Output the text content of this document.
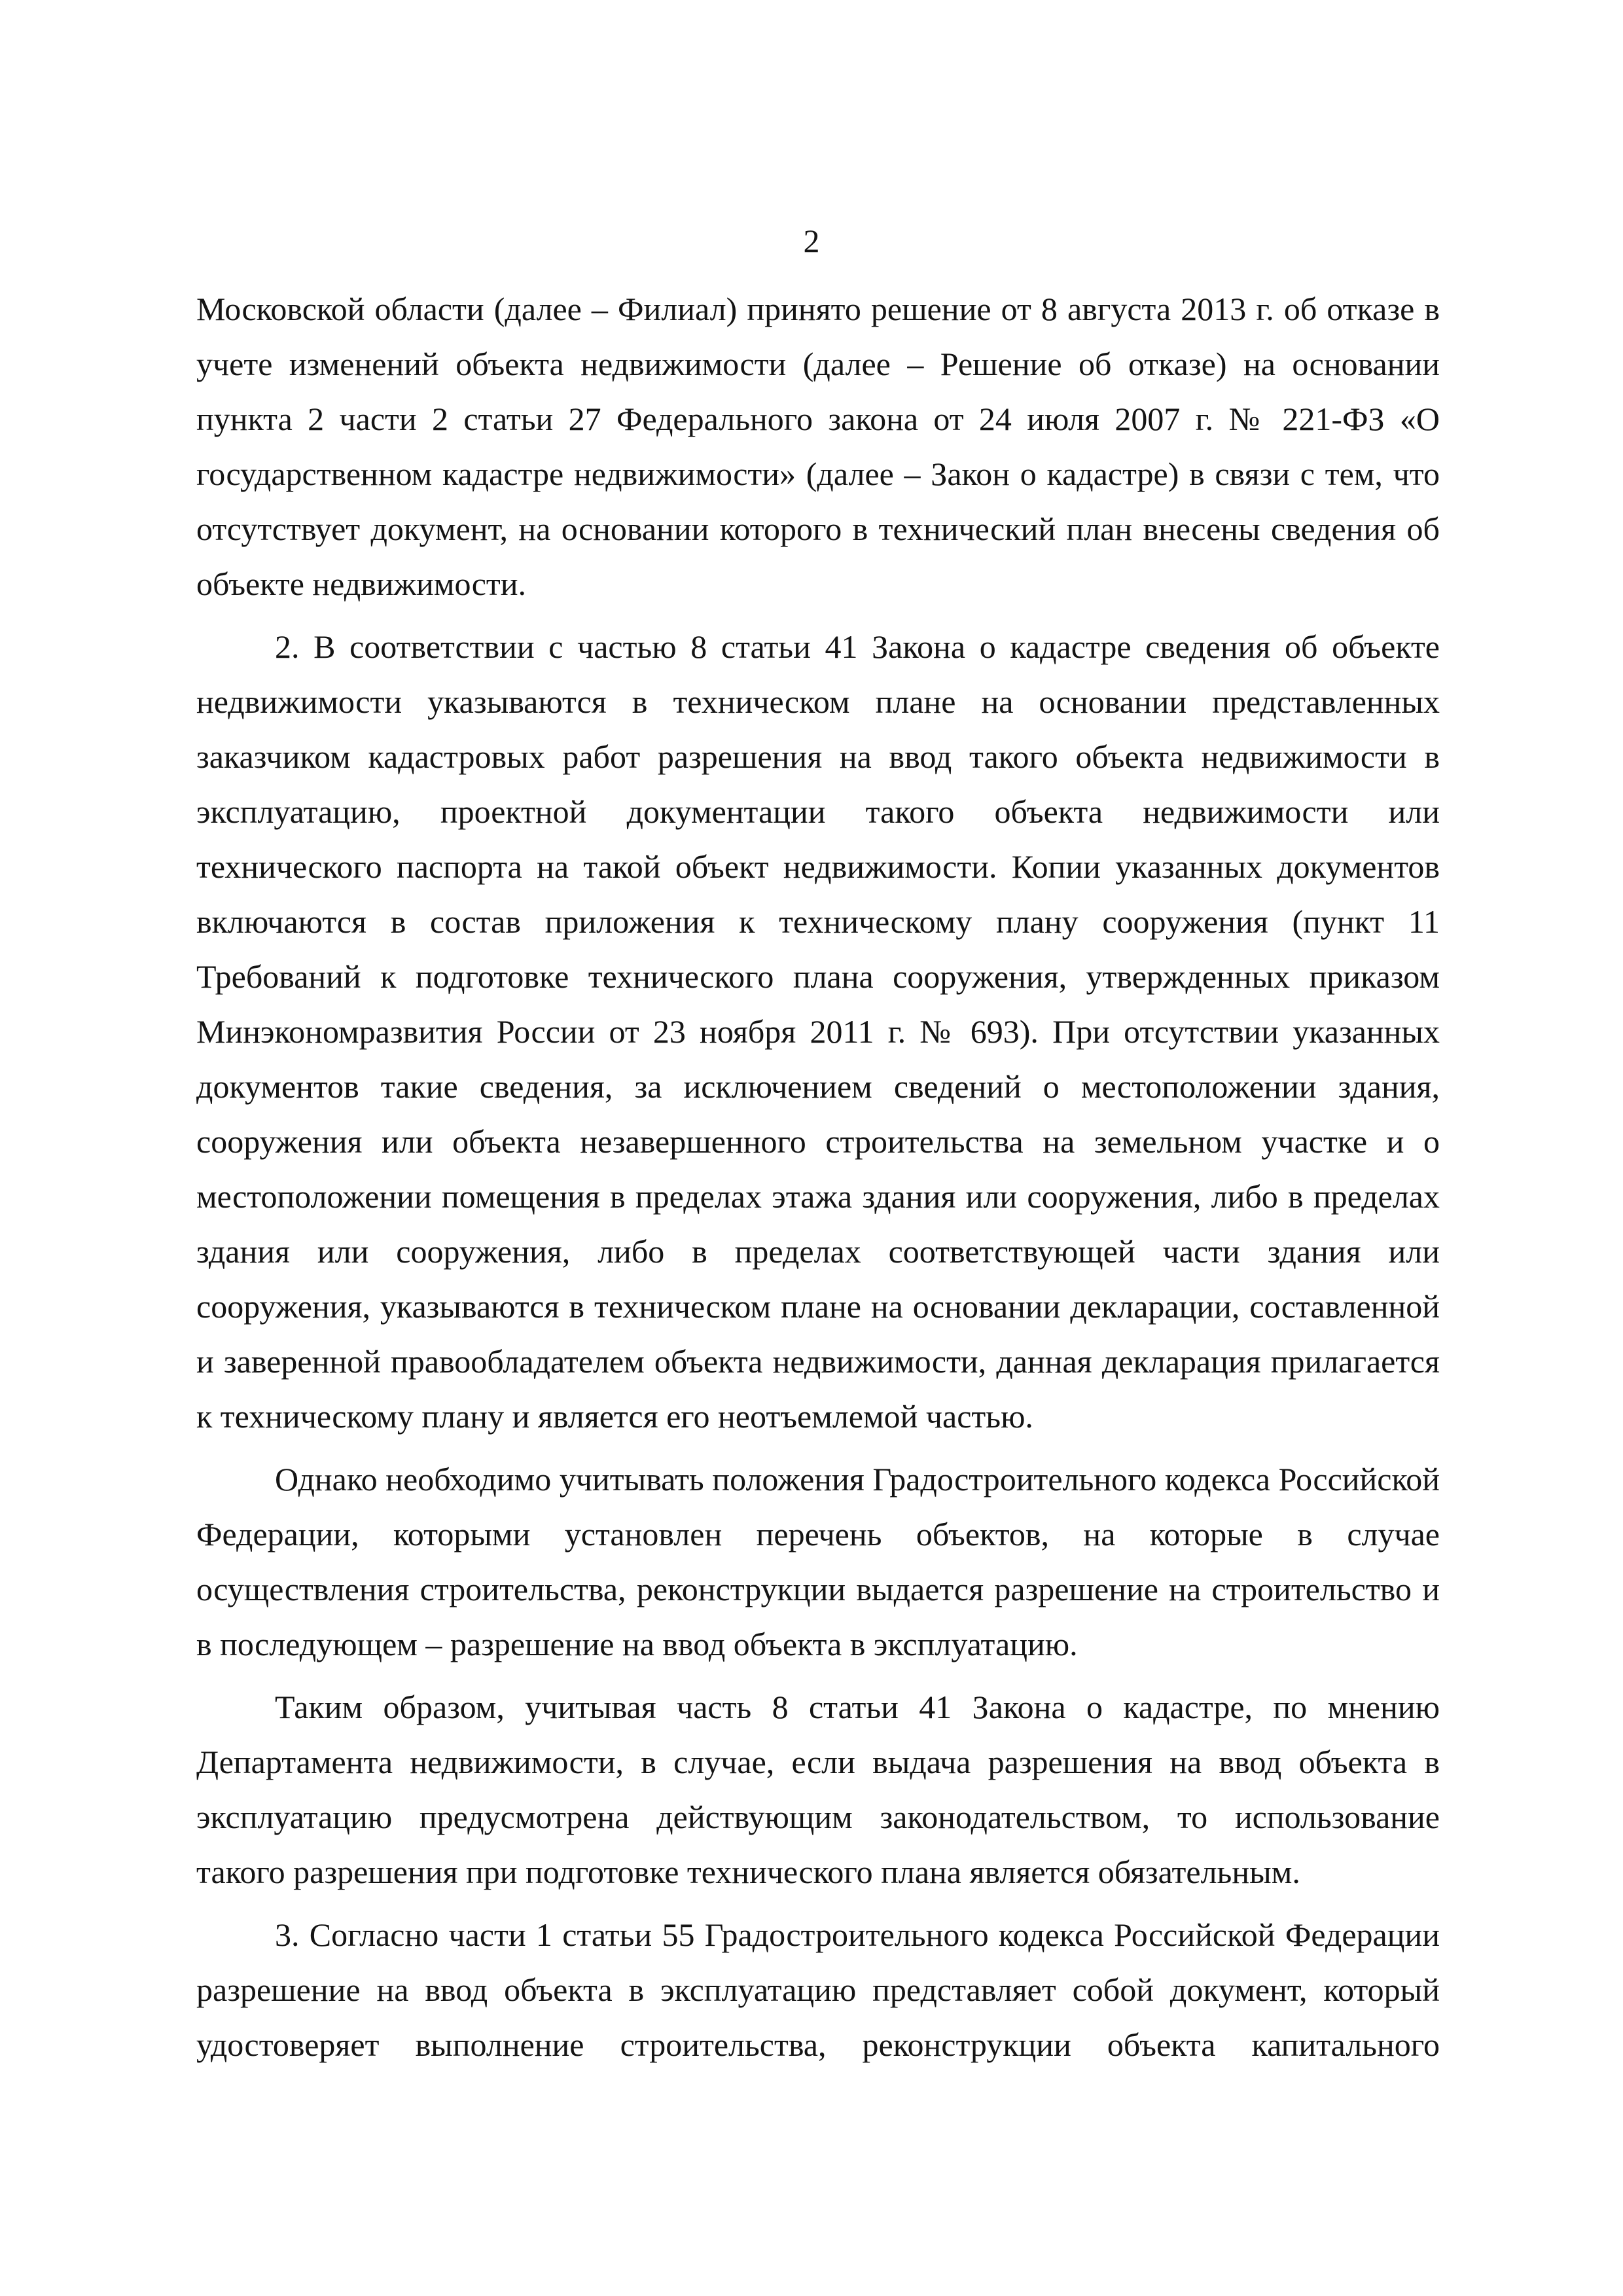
2

Московской области (далее – Филиал) принято решение от 8 августа 2013 г. об отказе в учете изменений объекта недвижимости (далее – Решение об отказе) на основании пункта 2 части 2 статьи 27 Федерального закона от 24 июля 2007 г. № 221-ФЗ «О государственном кадастре недвижимости» (далее – Закон о кадастре) в связи с тем, что отсутствует документ, на основании которого в технический план внесены сведения об объекте недвижимости.

2. В соответствии с частью 8 статьи 41 Закона о кадастре сведения об объекте недвижимости указываются в техническом плане на основании представленных заказчиком кадастровых работ разрешения на ввод такого объекта недвижимости в эксплуатацию, проектной документации такого объекта недвижимости или технического паспорта на такой объект недвижимости. Копии указанных документов включаются в состав приложения к техническому плану сооружения (пункт 11 Требований к подготовке технического плана сооружения, утвержденных приказом Минэкономразвития России от 23 ноября 2011 г. № 693). При отсутствии указанных документов такие сведения, за исключением сведений о местоположении здания, сооружения или объекта незавершенного строительства на земельном участке и о местоположении помещения в пределах этажа здания или сооружения, либо в пределах здания или сооружения, либо в пределах соответствующей части здания или сооружения, указываются в техническом плане на основании декларации, составленной и заверенной правообладателем объекта недвижимости, данная декларация прилагается к техническому плану и является его неотъемлемой частью.

Однако необходимо учитывать положения Градостроительного кодекса Российской Федерации, которыми установлен перечень объектов, на которые в случае осуществления строительства, реконструкции выдается разрешение на строительство и в последующем – разрешение на ввод объекта в эксплуатацию.

Таким образом, учитывая часть 8 статьи 41 Закона о кадастре, по мнению Департамента недвижимости, в случае, если выдача разрешения на ввод объекта в эксплуатацию предусмотрена действующим законодательством, то использование такого разрешения при подготовке технического плана является обязательным.

3. Согласно части 1 статьи 55 Градостроительного кодекса Российской Федерации разрешение на ввод объекта в эксплуатацию представляет собой документ, который удостоверяет выполнение строительства, реконструкции объекта капитального
